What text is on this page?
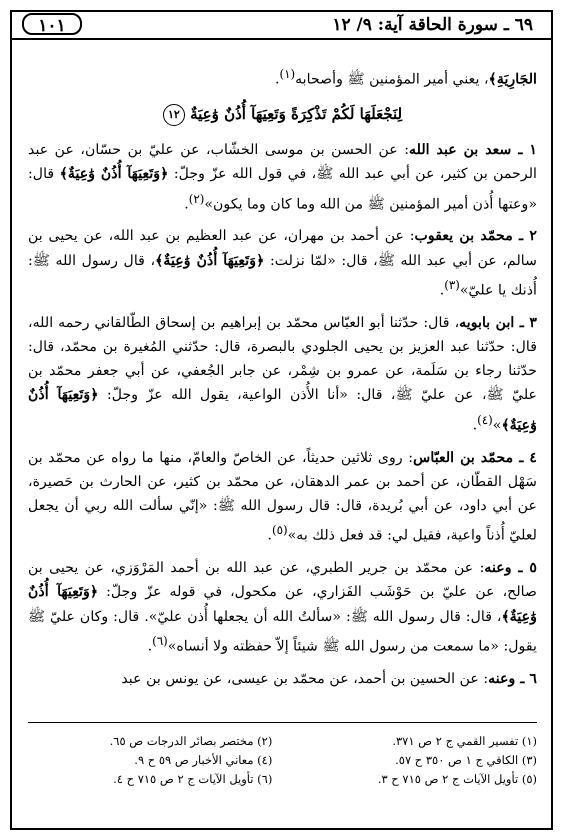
١٠١	٦٩ ـ سورة الحاقة آية: ٩/ ١٢

الجَارِيَةِ﴾، يعني أمير المؤمنين ﷺ وأصحابه$^{(١)}$.

لِنَجْعَلَهَا لَكُمْ تَذْكِرَةً وَتَعِيَهَآ أُذُنٌ وَٰعِيَةٌ ١٢

١ ـ سعد بن عبد الله: عن الحسن بن موسى الخشّاب، عن عليّ بن حسّان، عن عبد الرحمن بن كثير، عن أبي عبد الله ﷺ، في قول الله عزّ وجلّ: ﴿وَتَعِيَهَآ أُذُنٌ وَٰعِيَةٌ﴾ قال: «وعتها أُذن أمير المؤمنين ﷺ من الله وما كان وما يكون»$^{(٢)}$.

٢ ـ محمّد بن يعقوب: عن أحمد بن مهران، عن عبد العظيم بن عبد الله، عن يحيى بن سالم، عن أبي عبد الله ﷺ، قال: «لمّا نزلت: ﴿وَتَعِيَهَآ أُذُنٌ وَٰعِيَةٌ﴾، قال رسول الله ﷺ: أُذنك يا عليّ»$^{(٣)}$.

٣ ـ ابن بابويه، قال: حدّثنا أبو العبّاس محمّد بن إبراهيم بن إسحاق الطّالقاني رحمه الله، قال: حدّثنا عبد العزيز بن يحيى الجلودي بالبصرة، قال: حدّثني المُغيرة بن محمّد، قال: حدّثنا رجاء بن سَلَمة، عن عمرو بن شِمْر، عن جابر الجُعفي، عن أبي جعفر محمّد بن عليّ ﷺ، عن عليّ ﷺ، قال: «أنا الأُذن الواعية، يقول الله عزّ وجلّ: ﴿وَتَعِيَهَآ أُذُنٌ وَٰعِيَةٌ﴾»$^{(٤)}$.

٤ ـ محمّد بن العبّاس: روى ثلاثين حديثاً، عن الخاصّ والعامّ، منها ما رواه عن محمّد بن سَهْل القطّان، عن أحمد بن عمر الدهقان، عن محمّد بن كثير، عن الحارث بن حَصيرة، عن أبي داود، عن أبي بُريدة، قال: قال رسول الله ﷺ: «إنّي سألت الله ربي أن يجعل لعليّ أُذناً واعية، فقيل لي: قد فعل ذلك به»$^{(٥)}$.

٥ ـ وعنه: عن محمّد بن جرير الطبري، عن عبد الله بن أحمد المَرْوَزي، عن يحيى بن صالح، عن عليّ بن حَوْشَب الفَزاري، عن مكحول، في قوله عزّ وجلّ: ﴿وَتَعِيَهَآ أُذُنٌ وَٰعِيَةٌ﴾، قال: قال رسول الله ﷺ: «سألتُ الله أن يجعلها أُذن عليّ». قال: وكان عليّ ﷺ يقول: «ما سمعت من رسول الله ﷺ شيئاً إلاّ حفظته ولا أنساه»$^{(٦)}$.

٦ ـ وعنه: عن الحسين بن أحمد، عن محمّد بن عيسى، عن يونس بن عبد

(١) تفسير القمي ج ٢ ص ٣٧١.
(٣) الكافي ج ١ ص ٣٥٠ ح ٥٧.
(٥) تأويل الآيات ج ٢ ص ٧١٥ ح ٣.
(٢) مختصر بصائر الدرجات ص ٦٥.
(٤) معاني الأخبار ص ٥٩ ح ٩.
(٦) تأويل الآيات ج ٢ ص ٧١٥ ح ٤.
